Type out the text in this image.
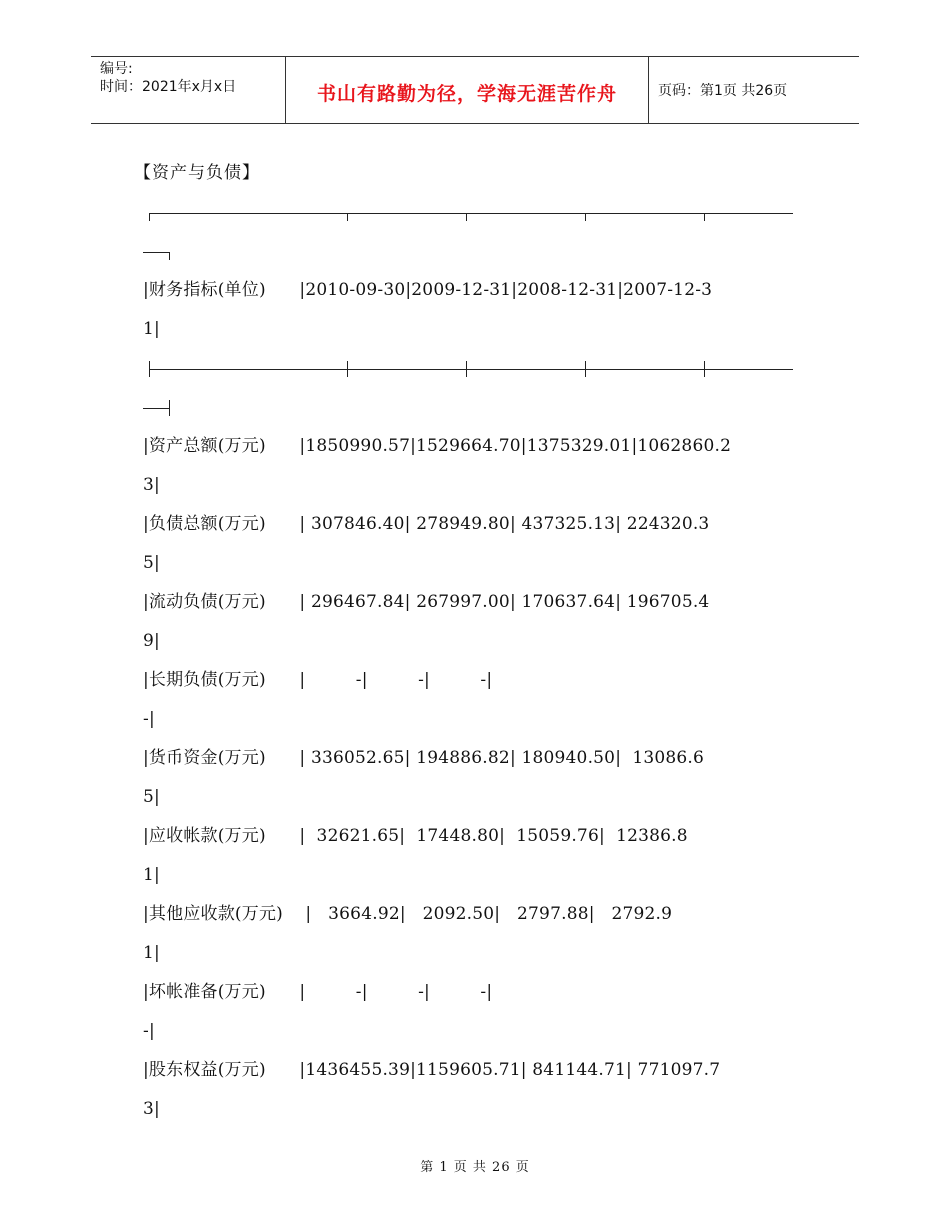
编号:
时间：2021年x月x日	书山有路勤为径，学海无涯苦作舟	页码：第1页 共26页
【资产与负债】
|财务指标(单位)      |2010-09-30|2009-12-31|2008-12-31|2007-12-3
1|
|资产总额(万元)      |1850990.57|1529664.70|1375329.01|1062860.2
3|
|负债总额(万元)      | 307846.40| 278949.80| 437325.13| 224320.3
5|
|流动负债(万元)      | 296467.84| 267997.00| 170637.64| 196705.4
9|
|长期负债(万元)      |         -|         -|         -|
-|
|货币资金(万元)      | 336052.65| 194886.82| 180940.50|  13086.6
5|
|应收帐款(万元)      |  32621.65|  17448.80|  15059.76|  12386.8
1|
|其他应收款(万元)    |   3664.92|   2092.50|   2797.88|   2792.9
1|
|坏帐准备(万元)      |         -|         -|         -|
-|
|股东权益(万元)      |1436455.39|1159605.71| 841144.71| 771097.7
3|
第 1 页 共 26 页
